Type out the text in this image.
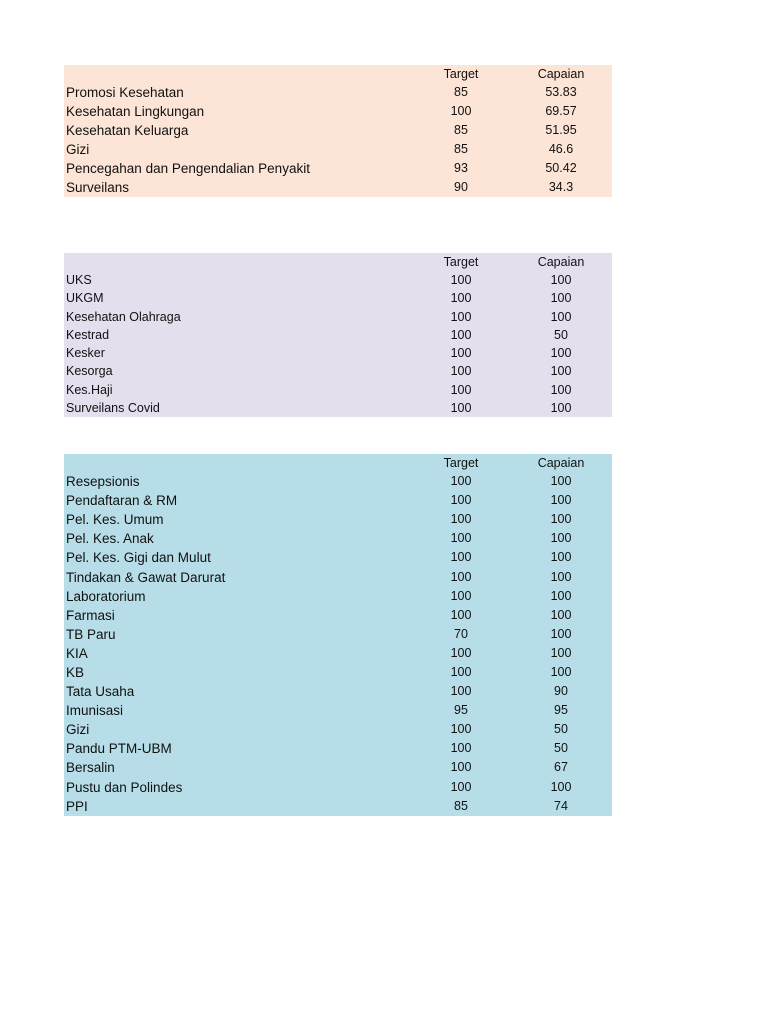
	Target	Capaian
Promosi Kesehatan	85	53.83
Kesehatan Lingkungan	100	69.57
Kesehatan Keluarga	85	51.95
Gizi	85	46.6
Pencegahan dan Pengendalian Penyakit	93	50.42
Surveilans	90	34.3
	Target	Capaian
UKS	100	100
UKGM	100	100
Kesehatan Olahraga	100	100
Kestrad	100	50
Kesker	100	100
Kesorga	100	100
Kes.Haji	100	100
Surveilans Covid	100	100
	Target	Capaian
Resepsionis	100	100
Pendaftaran & RM	100	100
Pel. Kes. Umum	100	100
Pel. Kes. Anak	100	100
Pel. Kes. Gigi dan Mulut	100	100
Tindakan & Gawat Darurat	100	100
Laboratorium	100	100
Farmasi	100	100
TB Paru	70	100
KIA	100	100
KB	100	100
Tata Usaha	100	90
Imunisasi	95	95
Gizi	100	50
Pandu PTM-UBM	100	50
Bersalin	100	67
Pustu dan Polindes	100	100
PPI	85	74
